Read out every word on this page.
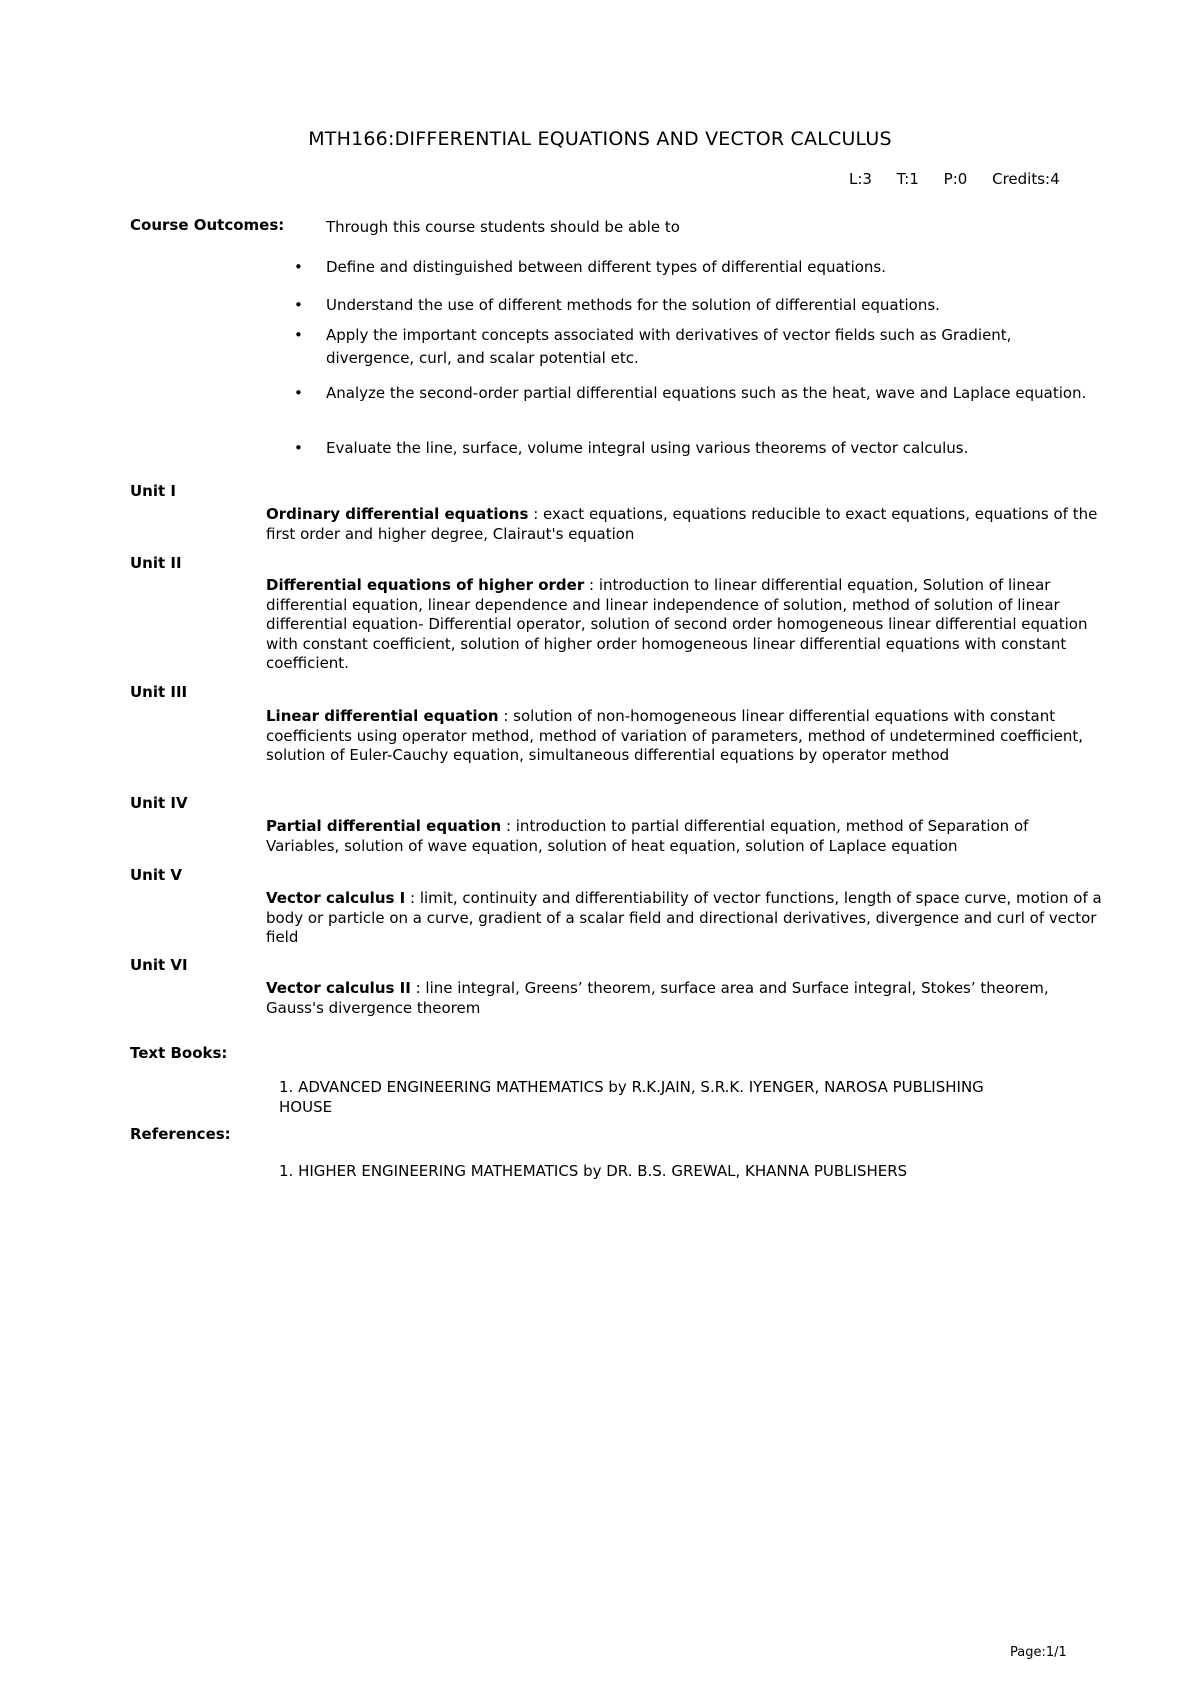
MTH166:DIFFERENTIAL EQUATIONS AND VECTOR CALCULUS
L:3 T:1 P:0 Credits:4
Course Outcomes:	Through this course students should be able to
• Define and distinguished between different types of differential equations.
• Understand the use of different methods for the solution of differential equations.
• Apply the important concepts associated with derivatives of vector fields such as Gradient, divergence, curl, and scalar potential etc.
• Analyze the second-order partial differential equations such as the heat, wave and Laplace equation.
• Evaluate the line, surface, volume integral using various theorems of vector calculus.
Unit I
Ordinary differential equations : exact equations, equations reducible to exact equations, equations of the first order and higher degree, Clairaut's equation
Unit II
Differential equations of higher order : introduction to linear differential equation, Solution of linear differential equation, linear dependence and linear independence of solution, method of solution of linear differential equation- Differential operator, solution of second order homogeneous linear differential equation with constant coefficient, solution of higher order homogeneous linear differential equations with constant coefficient.
Unit III
Linear differential equation : solution of non-homogeneous linear differential equations with constant coefficients using operator method, method of variation of parameters, method of undetermined coefficient, solution of Euler-Cauchy equation, simultaneous differential equations by operator method
Unit IV
Partial differential equation : introduction to partial differential equation, method of Separation of Variables, solution of wave equation, solution of heat equation, solution of Laplace equation
Unit V
Vector calculus I : limit, continuity and differentiability of vector functions, length of space curve, motion of a body or particle on a curve, gradient of a scalar field and directional derivatives, divergence and curl of vector field
Unit VI
Vector calculus II : line integral, Greens’ theorem, surface area and Surface integral, Stokes’ theorem, Gauss's divergence theorem
Text Books:
1. ADVANCED ENGINEERING MATHEMATICS by R.K.JAIN, S.R.K. IYENGER, NAROSA PUBLISHING HOUSE
References:
1. HIGHER ENGINEERING MATHEMATICS by DR. B.S. GREWAL, KHANNA PUBLISHERS
Page:1/1
